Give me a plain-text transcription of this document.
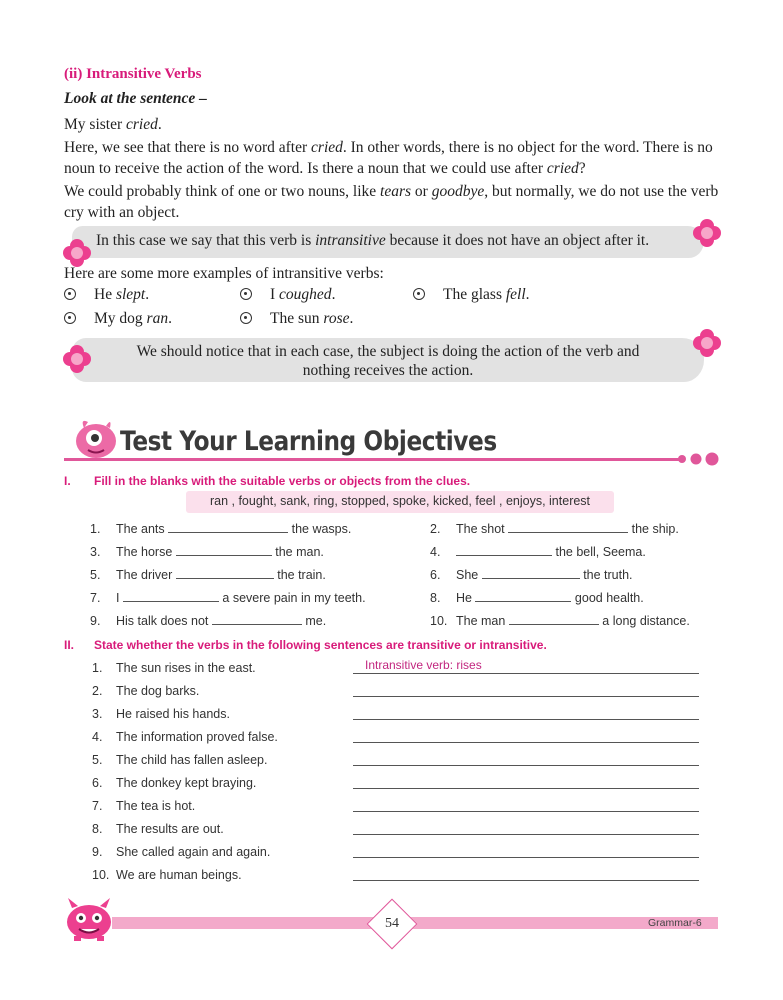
(ii) Intransitive Verbs
Look at the sentence –
My sister cried.
Here, we see that there is no word after cried. In other words, there is no object for the word. There is no noun to receive the action of the word. Is there a noun that we could use after cried?
We could probably think of one or two nouns, like tears or goodbye, but normally, we do not use the verb cry with an object.
In this case we say that this verb is intransitive because it does not have an object after it.
Here are some more examples of intransitive verbs:
He slept.	I coughed.	The glass fell.
My dog ran.	The sun rose.
We should notice that in each case, the subject is doing the action of the verb and
nothing receives the action.
Test Your Learning Objectives
I. Fill in the blanks with the suitable verbs or objects from the clues.
ran , fought, sank, ring, stopped, spoke, kicked, feel , enjoys, interest
1. The ants	the wasps.	2. The shot	the ship.
3. The horse	the man.	4.	the bell, Seema.
5. The driver	the train.	6. She	the truth.
7. I	a severe pain in my teeth.	8. He	good health.
9. His talk does not	me.	10. The man	a long distance.
II. State whether the verbs in the following sentences are transitive or intransitive.
1. The sun rises in the east.	Intransitive verb: rises
2. The dog barks.
3. He raised his hands.
4. The information proved false.
5. The child has fallen asleep.
6. The donkey kept braying.
7. The tea is hot.
8. The results are out.
9. She called again and again.
10. We are human beings.
54	Grammar-6
